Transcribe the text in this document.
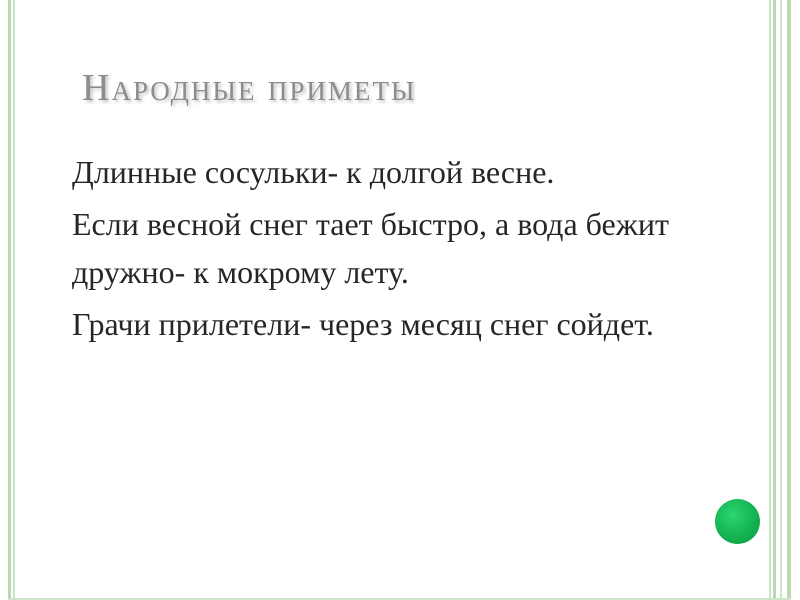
Народные приметы
Длинные сосульки- к долгой весне.
Если весной снег тает быстро, а вода бежит дружно- к мокрому лету.
Грачи прилетели- через месяц снег сойдет.
